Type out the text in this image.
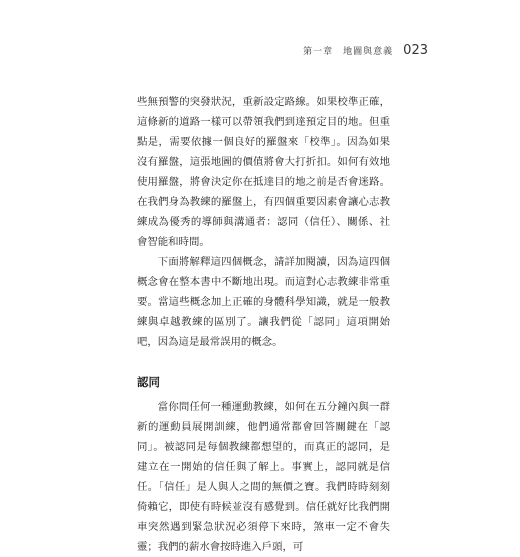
第一章　地圖與意義 023

些無預警的突發狀況，重新設定路線。如果校準正確，這條新的道路一樣可以帶領我們到達預定目的地。但重點是，需要依據一個良好的羅盤來「校準」。因為如果沒有羅盤，這張地圖的價值將會大打折扣。如何有效地使用羅盤，將會決定你在抵達目的地之前是否會迷路。在我們身為教練的羅盤上，有四個重要因素會讓心志教練成為優秀的導師與溝通者：認同（信任）、關係、社會智能和時間。

下面將解釋這四個概念，請詳加閱讀，因為這四個概念會在整本書中不斷地出現。而這對心志教練非常重要。當這些概念加上正確的身體科學知識，就是一般教練與卓越教練的區別了。讓我們從「認同」這項開始吧，因為這是最常誤用的概念。

認同

當你問任何一種運動教練，如何在五分鐘內與一群新的運動員展開訓練，他們通常都會回答關鍵在「認同」。被認同是每個教練都想望的，而真正的認同，是建立在一開始的信任與了解上。事實上，認同就是信任。「信任」是人與人之間的無價之寶。我們時時刻刻倚賴它，即使有時候並沒有感覺到。信任就好比我們開車突然遇到緊急狀況必須停下來時，煞車一定不會失靈；我們的薪水會按時進入戶頭，可
